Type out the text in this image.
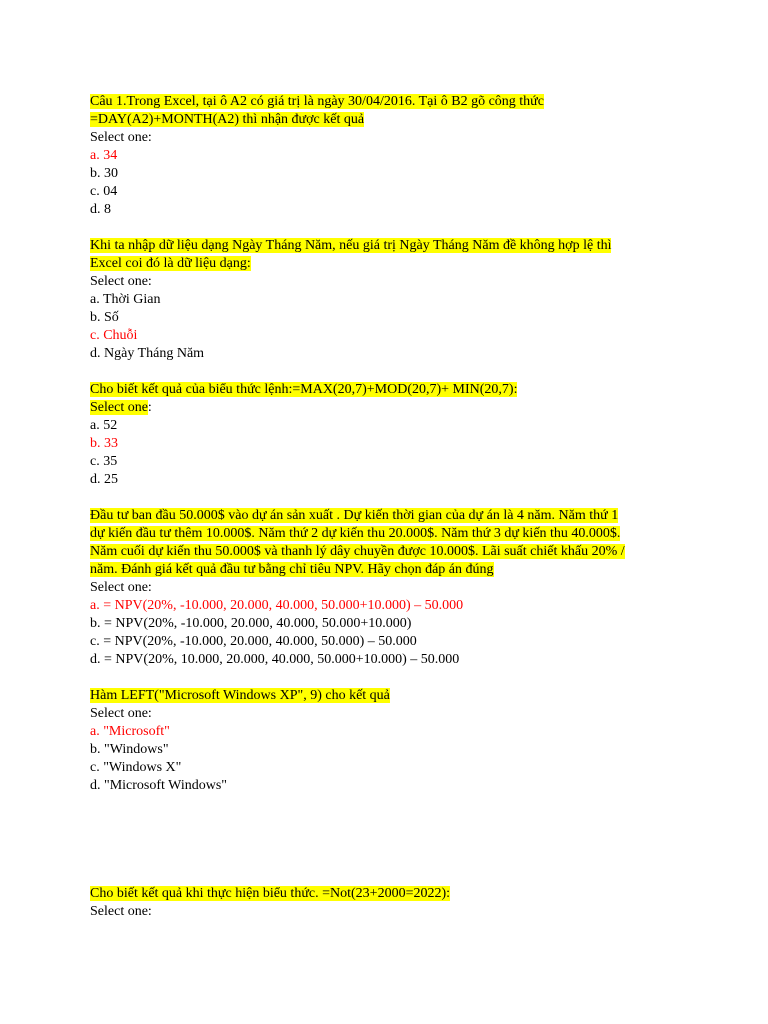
Câu 1.Trong Excel, tại ô A2 có giá trị là ngày 30/04/2016. Tại ô B2 gõ công thức
=DAY(A2)+MONTH(A2) thì nhận được kết quả
Select one:
a. 34
b. 30
c. 04
d. 8
Khi ta nhập dữ liệu dạng Ngày Tháng Năm, nếu giá trị Ngày Tháng Năm đề không hợp lệ thì
Excel coi đó là dữ liệu dạng:
Select one:
a. Thời Gian
b. Số
c. Chuỗi
d. Ngày Tháng Năm
Cho biết kết quả của biểu thức lệnh:=MAX(20,7)+MOD(20,7)+ MIN(20,7):
Select one:
a. 52
b. 33
c. 35
d. 25
Đầu tư ban đầu 50.000$ vào dự án sản xuất . Dự kiến thời gian của dự án là 4 năm. Năm thứ 1
dự kiến đầu tư thêm 10.000$. Năm thứ 2 dự kiến thu 20.000$. Năm thứ 3 dự kiến thu 40.000$.
Năm cuối dự kiến thu 50.000$ và thanh lý dây chuyền được 10.000$. Lãi suất chiết khấu 20% /
năm. Đánh giá kết quả đầu tư bằng chỉ tiêu NPV. Hãy chọn đáp án đúng
Select one:
a. = NPV(20%, -10.000, 20.000, 40.000, 50.000+10.000) – 50.000
b. = NPV(20%, -10.000, 20.000, 40.000, 50.000+10.000)
c. = NPV(20%, -10.000, 20.000, 40.000, 50.000) – 50.000
d. = NPV(20%, 10.000, 20.000, 40.000, 50.000+10.000) – 50.000
Hàm LEFT("Microsoft Windows XP", 9) cho kết quả
Select one:
a. "Microsoft"
b. "Windows"
c. "Windows X"
d. "Microsoft Windows"
Cho biết kết quả khi thực hiện biểu thức. =Not(23+2000=2022):
Select one:
